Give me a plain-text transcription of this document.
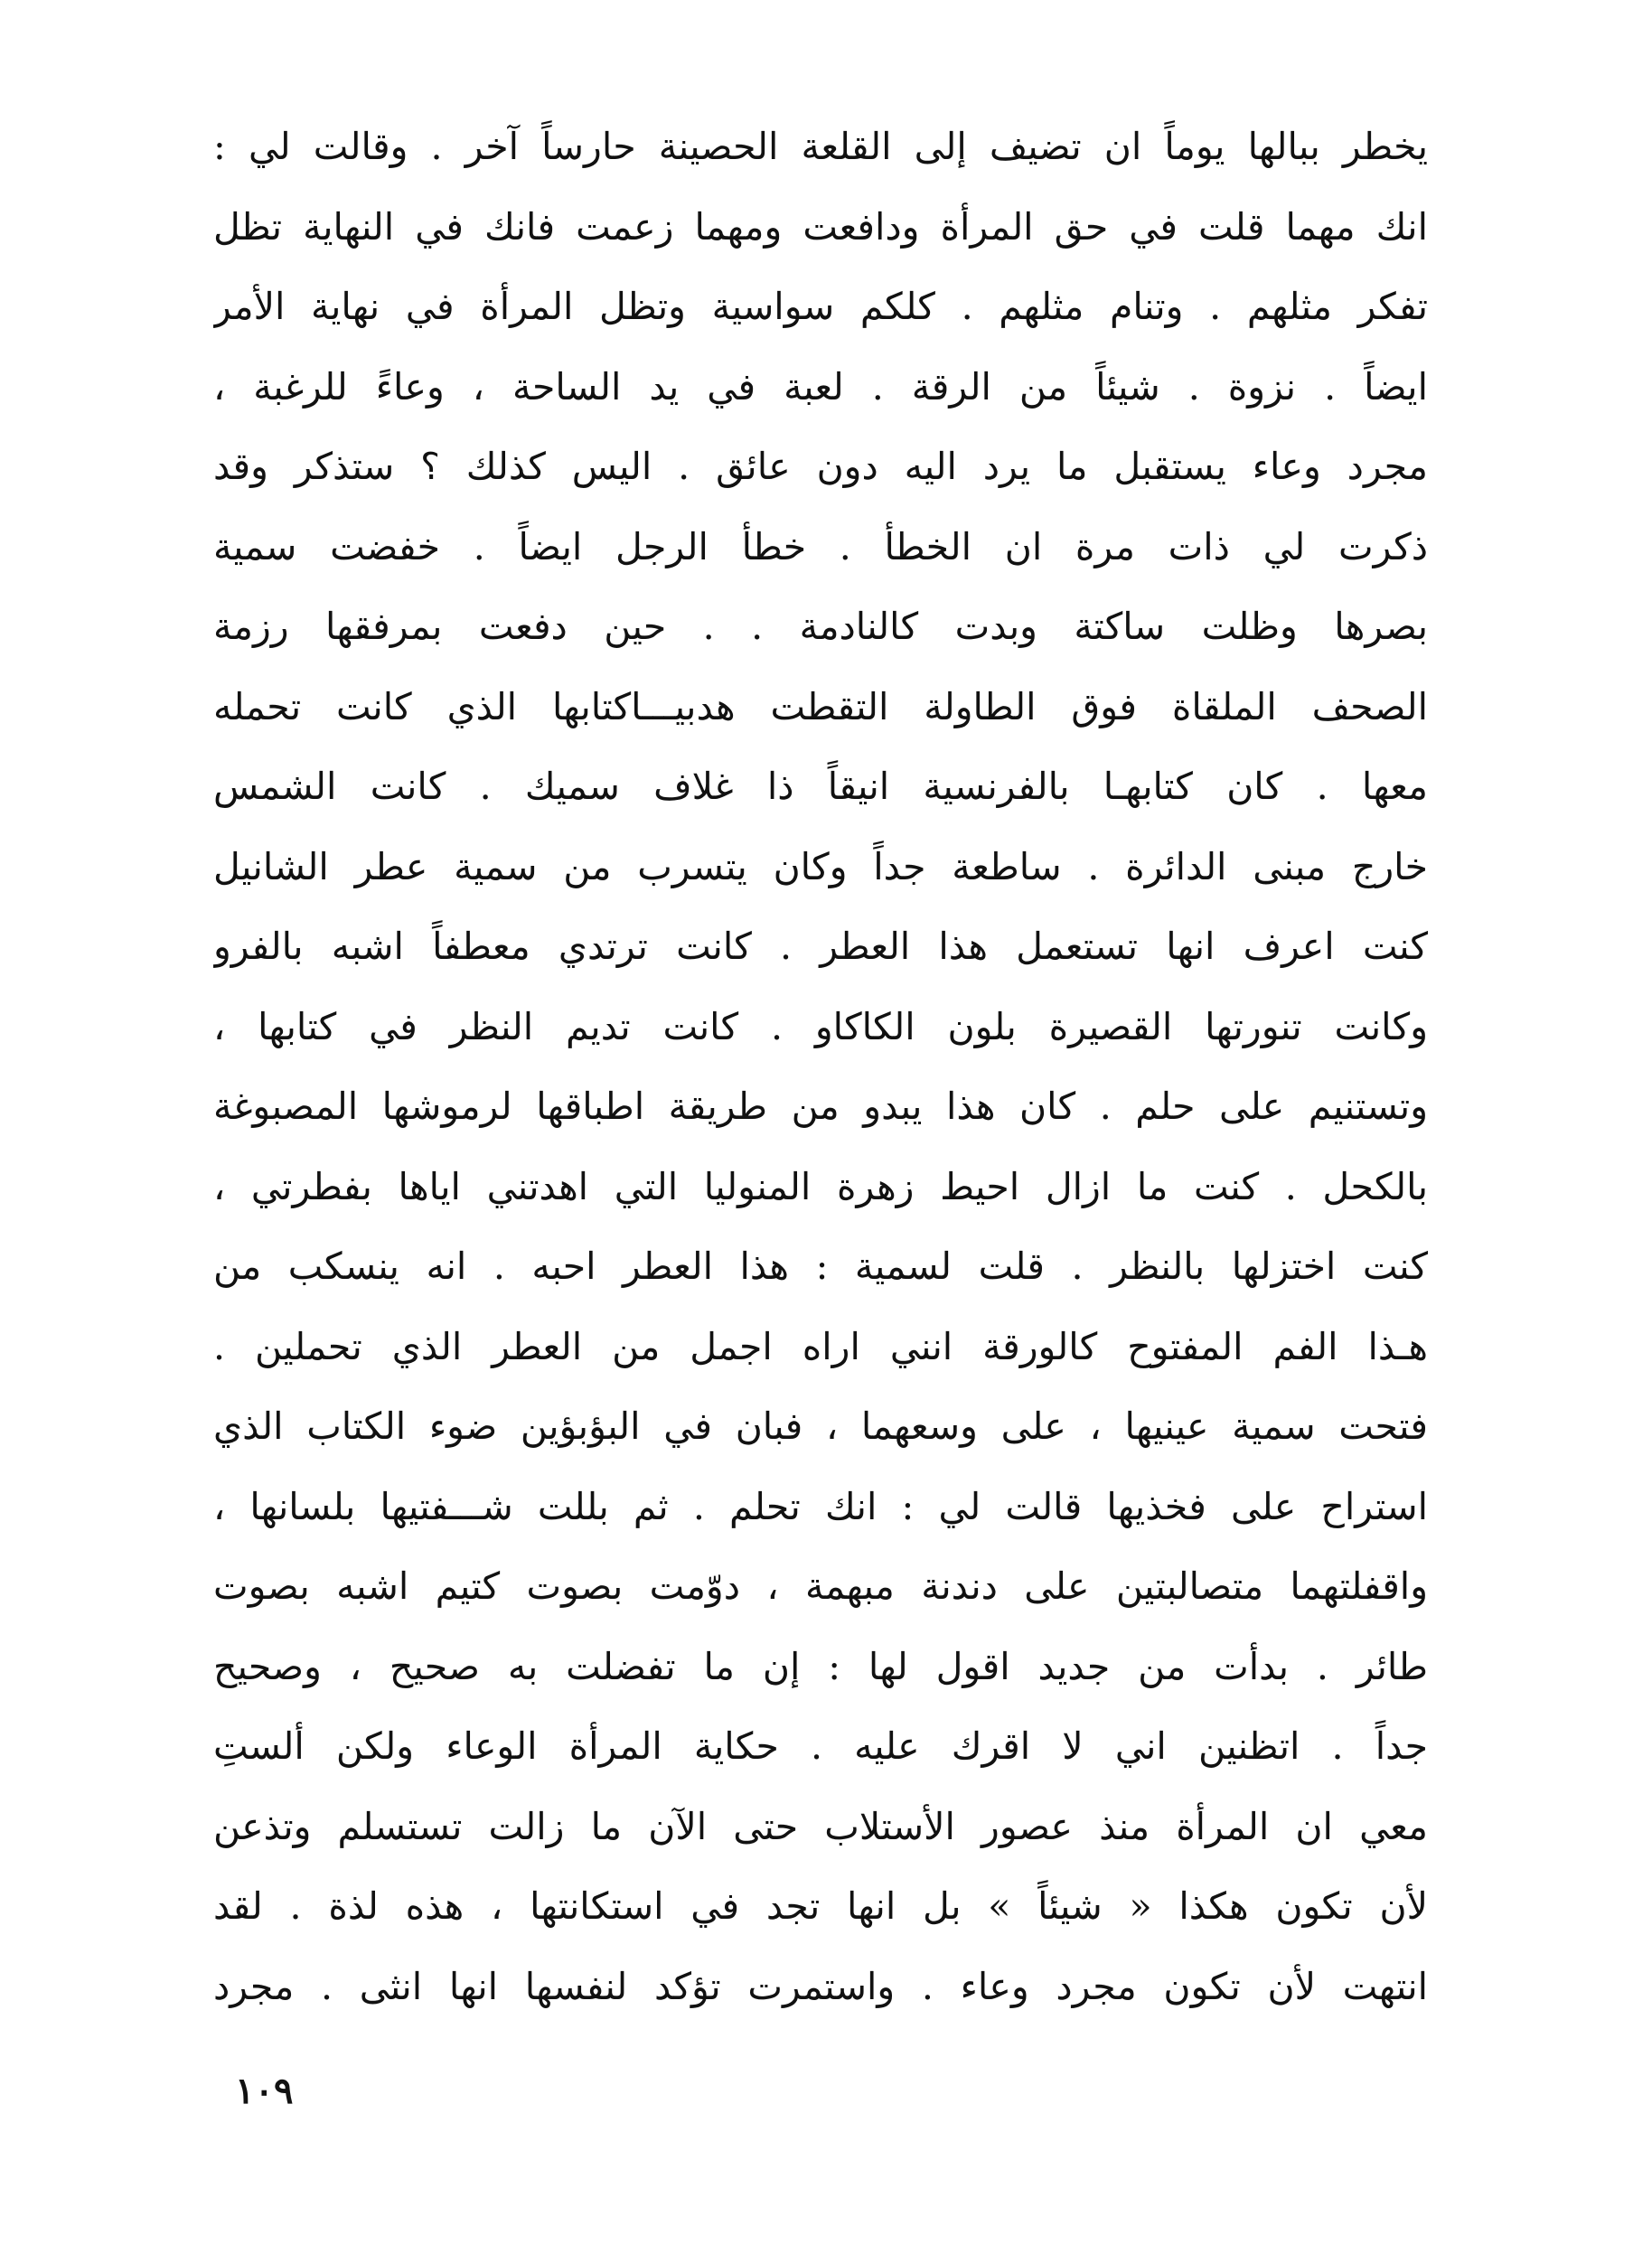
يخطر ببالها يوماً ان تضيف إلى القلعة الحصينة حارساً آخر . وقالت لي :
انك مهما قلت في حق المرأة ودافعت ومهما زعمت فانك في النهاية تظل
تفكر مثلهم . وتنام مثلهم . كلكم سواسية وتظل المرأة في نهاية الأمر
ايضاً . نزوة . شيئاً من الرقة . لعبة في يد الساحة ، وعاءً للرغبة ،
مجرد وعاء يستقبل ما يرد اليه دون عائق . اليس كذلك ؟ ستذكر وقد
ذكرت لي ذات مرة ان الخطأ . خطأ الرجل ايضاً . خفضت سمية
بصرها وظلت ساكتة وبدت كالنادمة . . حين دفعت بمرفقها رزمة
الصحف الملقاة فوق الطاولة التقطت هدبيـــاكتابها الذي كانت تحمله
معها . كان كتابهـا بالفرنسية انيقاً ذا غلاف سميك . كانت الشمس
خارج مبنى الدائرة . ساطعة جداً وكان يتسرب من سمية عطر الشانيل
كنت اعرف انها تستعمل هذا العطر . كانت ترتدي معطفاً اشبه بالفرو
وكانت تنورتها القصيرة بلون الكاكاو . كانت تديم النظر في كتابها ،
وتستنيم على حلم . كان هذا يبدو من طريقة اطباقها لرموشها المصبوغة
بالكحل . كنت ما ازال احيط زهرة المنوليا التي اهدتني اياها بفطرتي ،
كنت اختزلها بالنظر . قلت لسمية : هذا العطر احبه . انه ينسكب من
هـذا الفم المفتوح كالورقة انني اراه اجمل من العطر الذي تحملين .
فتحت سمية عينيها ، على وسعهما ، فبان في البؤبؤين ضوء الكتاب الذي
استراح على فخذيها قالت لي : انك تحلم . ثم بللت شـــفتيها بلسانها ،
واقفلتهما متصالبتين على دندنة مبهمة ، دوّمت بصوت كتيم اشبه بصوت
طائر . بدأت من جديد اقول لها : إن ما تفضلت به صحيح ، وصحيح
جداً . اتظنين اني لا اقرك عليه . حكاية المرأة الوعاء ولكن ألستِ
معي ان المرأة منذ عصور الأستلاب حتى الآن ما زالت تستسلم وتذعن
لأن تكون هكذا « شيئاً » بل انها تجد في استكانتها ، هذه لذة . لقد
انتهت لأن تكون مجرد وعاء . واستمرت تؤكد لنفسها انها انثى . مجرد
١٠٩
